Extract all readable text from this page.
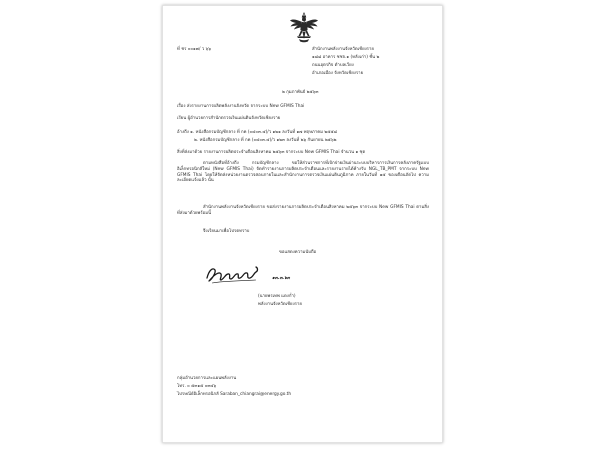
ที่ ชร ๐๐๑๗/ ว ๖๖	สำนักงานพลังงานจังหวัดเชียงราย
๑๘๘ อาคาร ชชจ.๑ (หลังเก่า) ชั้น ๒
ถนนอุตรกิจ ตำบลเวียง
อำเภอเมือง จังหวัดเชียงราย
๒ กุมภาพันธ์ ๒๕๖๓
เรื่อง ส่งรายงานการผลิตพลังงานจังหวัด จากระบบ New GFMIS Thai
เรียน ผู้อำนวยการสำนักตรวจเงินแผ่นดินจังหวัดเชียงราย
อ้างถึง ๑. หนังสือกรมบัญชีกลาง ที่ กค (๐๔๐๓.๔)/ว ๑๒๑ ลงวันที่ ๑๗ พฤษภาคม ๒๕๕๘
๒. หนังสือกรมบัญชีกลาง ที่ กค (๐๔๐๓.๔)/ว ๑๒๓ ลงวันที่ ๒๖ กันยายน ๒๕๖๒
สิ่งที่ส่งมาด้วย รายงานการผลิตประจำเดือนสิงหาคม ๒๕๖๓ จากระบบ New GFMIS Thai จำนวน ๑ ชุด
ตามหนังสือที่อ้างถึง กรมบัญชีกลาง ขอให้ส่วนราชการที่เบิกจ่ายเงินผ่านระบบบริหารการเงินการคลังภาครัฐแบบอิเล็กทรอนิกส์ใหม่ (New GFMIS Thai) จัดทำรายงานการผลิตประจำเดือนและรายงานรายได้ค้างรับ NGL_TB_PMT จากระบบ New GFMIS Thai โดยให้จัดส่งหน่วยงานตรวจสอบภายในและสำนักงานการตรวจเงินแผ่นดินภูมิภาค ภายในวันที่ ๑๕ ของเดือนถัดไป ความละเอียดแจ้งแล้ว นั้น
สำนักงานพลังงานจังหวัดเชียงราย ขอส่งรายงานการผลิตประจำเดือนสิงหาคม ๒๕๖๓ จากระบบ New GFMIS Thai ตามสิ่งที่ส่งมาด้วยพร้อมนี้
จึงเรียนมาเพื่อโปรดทราบ
ขอแสดงความนับถือ
๑๓.๓.๖๓
(นายพรเทพ แดงก่ำ)
พลังงานจังหวัดเชียงราย
กลุ่มอำนวยการและแผนพลังงาน
โทร. ๐ ๕๓๑๕ ๐๓๔๖
ไปรษณีย์อิเล็กทรอนิกส์ Saraban_chiangrai@energy.go.th
